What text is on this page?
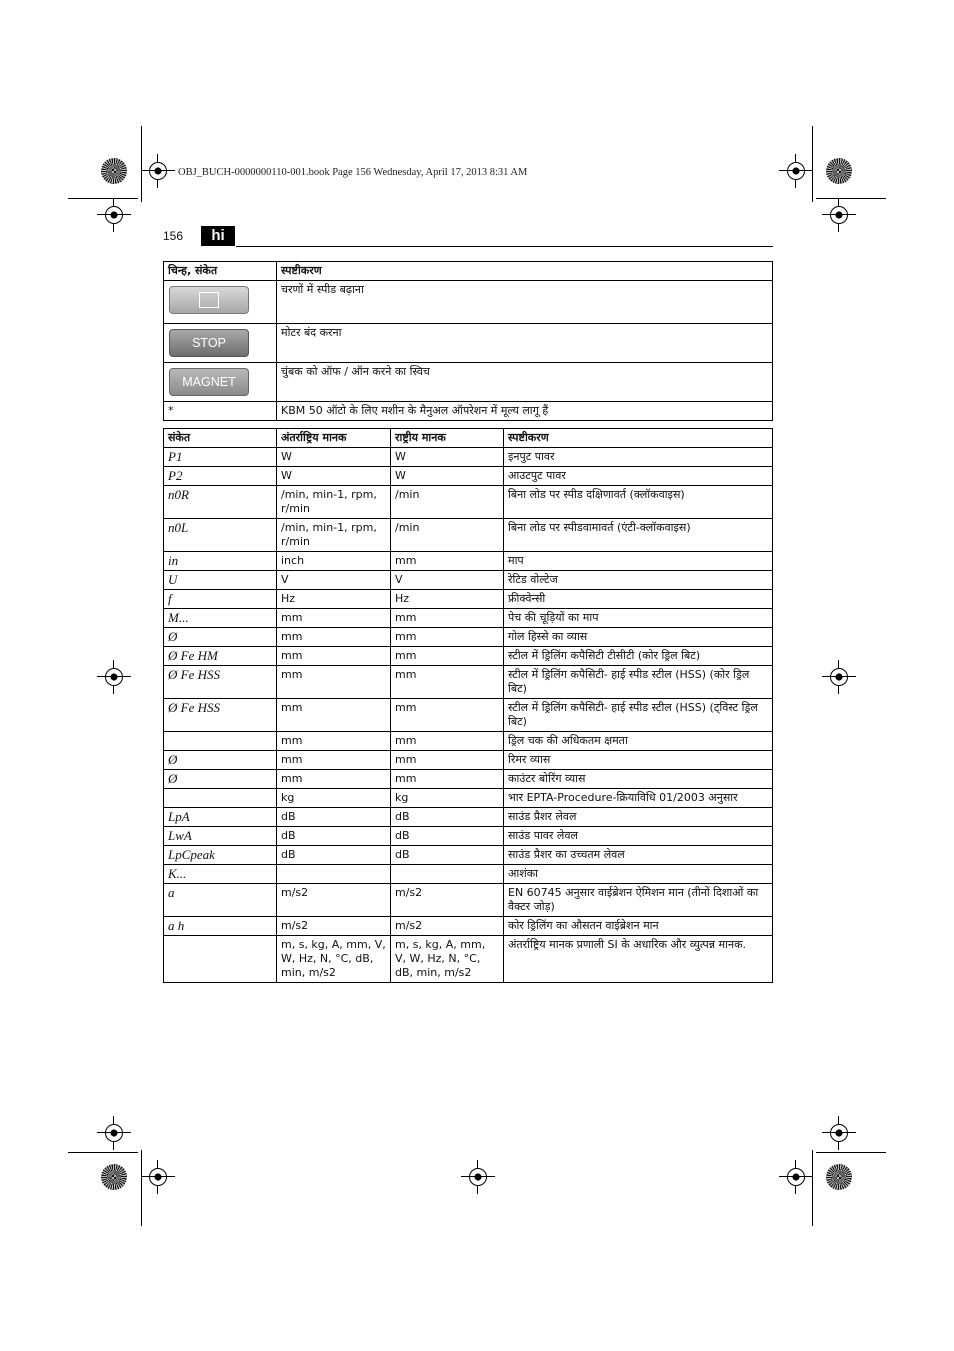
OBJ_BUCH-0000000110-001.book Page 156 Wednesday, April 17, 2013 8:31 AM
156	hi
चिन्ह, संकेत	स्पष्टीकरण
	चरणों में स्पीड बढ़ाना
STOP	मोटर बंद करना
MAGNET	चुंबक को ऑफ / ऑन करने का स्विच
*	KBM 50 ऑटो के लिए मशीन के मैनुअल ऑपरेशन में मूल्य लागू हैं
संकेत	अंतर्राष्ट्रिय मानक	राष्ट्रीय मानक	स्पष्टीकरण
P1	W	W	इनपुट पावर
P2	W	W	आउटपुट पावर
n0R	/min, min-1, rpm, r/min	/min	बिना लोड पर स्पीड दक्षिणावर्त (क्लॉकवाइस)
n0L	/min, min-1, rpm, r/min	/min	बिना लोड पर स्पीडवामावर्त (एंटी-क्लॉकवाइस)
in	inch	mm	माप
U	V	V	रेटिड वोल्टेज
f	Hz	Hz	फ्रीक्वेन्सी
M...	mm	mm	पेच की चूड़ियों का माप
Ø	mm	mm	गोल हिस्से का व्यास
Ø Fe HM	mm	mm	स्टील में ड्रिलिंग कपैसिटी टीसीटी (कोर ड्रिल बिट)
Ø Fe HSS	mm	mm	स्टील में ड्रिलिंग कपैसिटी- हाई स्पीड स्टील (HSS) (कोर ड्रिल बिट)
Ø Fe HSS	mm	mm	स्टील में ड्रिलिंग कपैसिटी- हाई स्पीड स्टील (HSS) (ट्विस्ट ड्रिल बिट)
	mm	mm	ड्रिल चक की अधिकतम क्षमता
Ø	mm	mm	रिमर व्यास
Ø	mm	mm	काउंटर बोरिंग व्यास
	kg	kg	भार EPTA-Procedure-क्रियाविधि 01/2003 अनुसार
LpA	dB	dB	साउंड प्रैशर लेवल
LwA	dB	dB	साउंड पावर लेवल
LpCpeak	dB	dB	साउंड प्रैशर का उच्चतम लेवल
K...			आशंका
a	m/s2	m/s2	EN 60745 अनुसार वाईब्रेशन ऐमिशन मान (तीनों दिशाओं का वैक्टर जोड़)
a h	m/s2	m/s2	कोर ड्रिलिंग का औसतन वाईब्रेशन मान
	m, s, kg, A, mm, V, W, Hz, N, °C, dB, min, m/s2	m, s, kg, A, mm, V, W, Hz, N, °C, dB, min, m/s2	अंतर्राष्ट्रिय मानक प्रणाली SI के अधारिक और व्युत्पन्न मानक.
